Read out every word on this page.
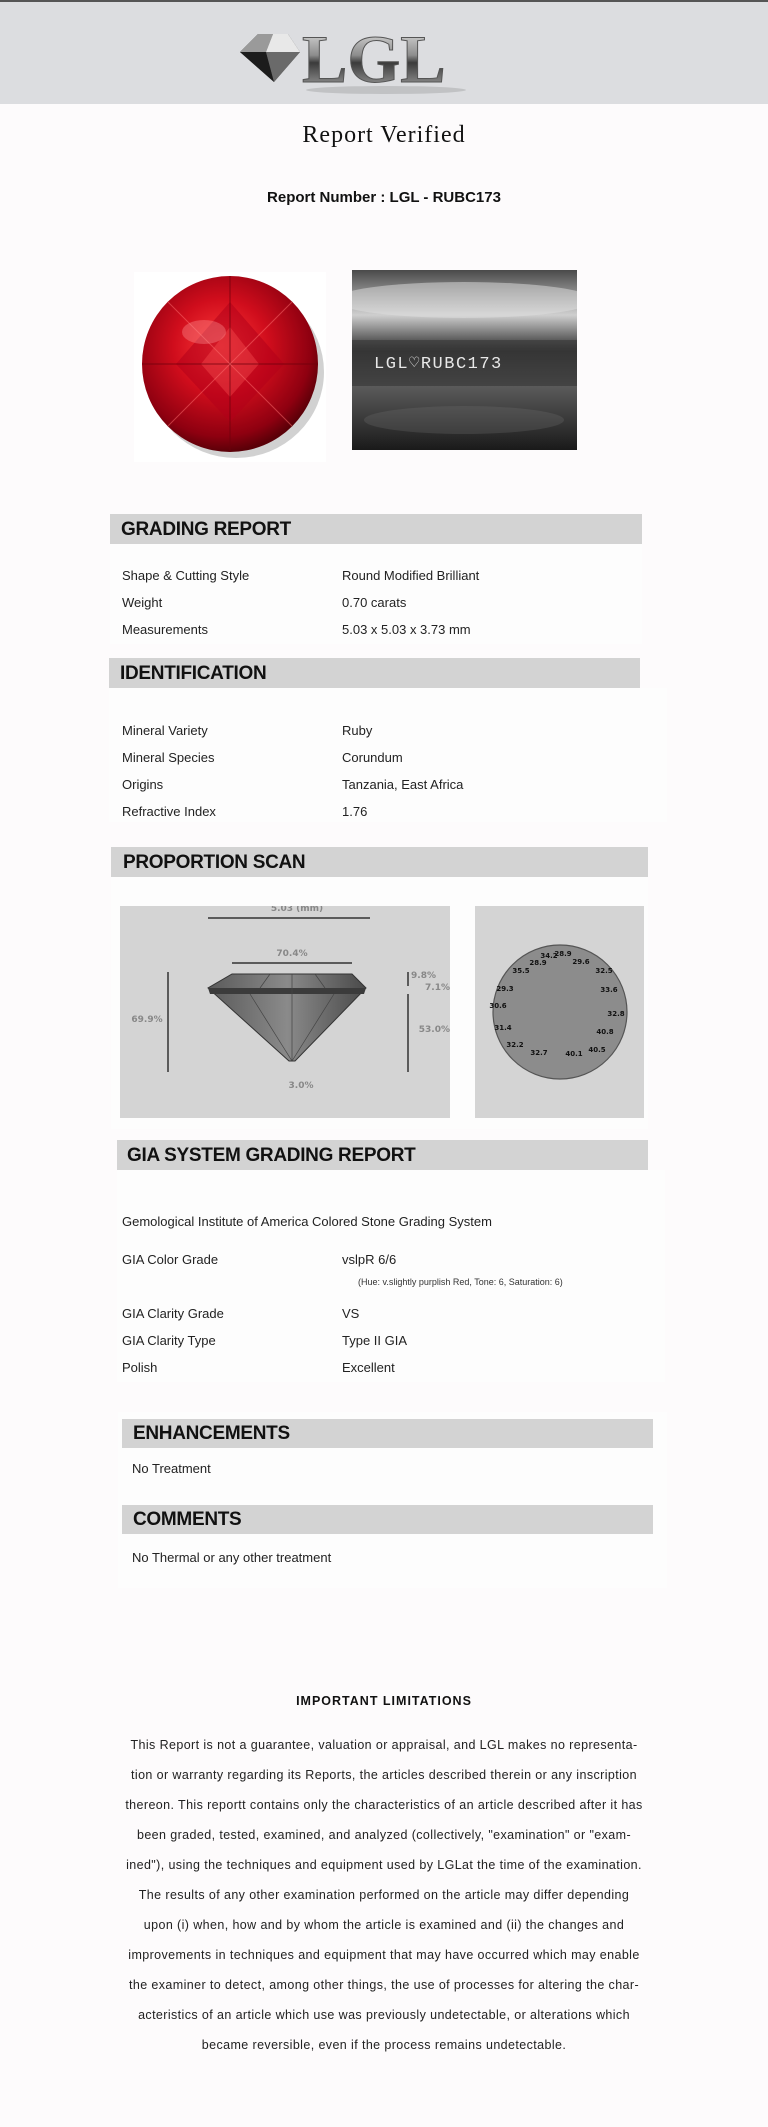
LGL
Report Verified
Report Number : LGL - RUBC173
LGL♡RUBC173
GRADING REPORT
Shape & Cutting Style	Round Modified Brilliant
Weight	0.70 carats
Measurements	5.03 x 5.03 x 3.73 mm
IDENTIFICATION
Mineral Variety	Ruby
Mineral Species	Corundum
Origins	Tanzania, East Africa
Refractive Index	1.76
PROPORTION SCAN
5.03 (mm)
70.4%
69.9%
9.8%
7.1%
53.0%
3.0%
34.2
28.9
28.9	29.6
35.5	32.5
29.3	33.6
30.6
32.8
31.4	40.8
32.2
32.7	40.1 40.5
GIA SYSTEM GRADING REPORT
Gemological Institute of America Colored Stone Grading System
GIA Color Grade	vslpR 6/6
(Hue: v.slightly purplish Red, Tone: 6, Saturation: 6)
GIA Clarity Grade	VS
GIA Clarity Type	Type II GIA
Polish	Excellent
ENHANCEMENTS
No Treatment
COMMENTS
No Thermal or any other treatment
IMPORTANT LIMITATIONS
This Report is not a guarantee, valuation or appraisal, and LGL makes no representa-
tion or warranty regarding its Reports, the articles described therein or any inscription
thereon. This reportt contains only the characteristics of an article described after it has
been graded, tested, examined, and analyzed (collectively, "examination" or "exam-
ined"), using the techniques and equipment used by LGLat the time of the examination.
The results of any other examination performed on the article may differ depending
upon (i) when, how and by whom the article is examined and (ii) the changes and
improvements in techniques and equipment that may have occurred which may enable
the examiner to detect, among other things, the use of processes for altering the char-
acteristics of an article which use was previously undetectable, or alterations which
became reversible, even if the process remains undetectable.
